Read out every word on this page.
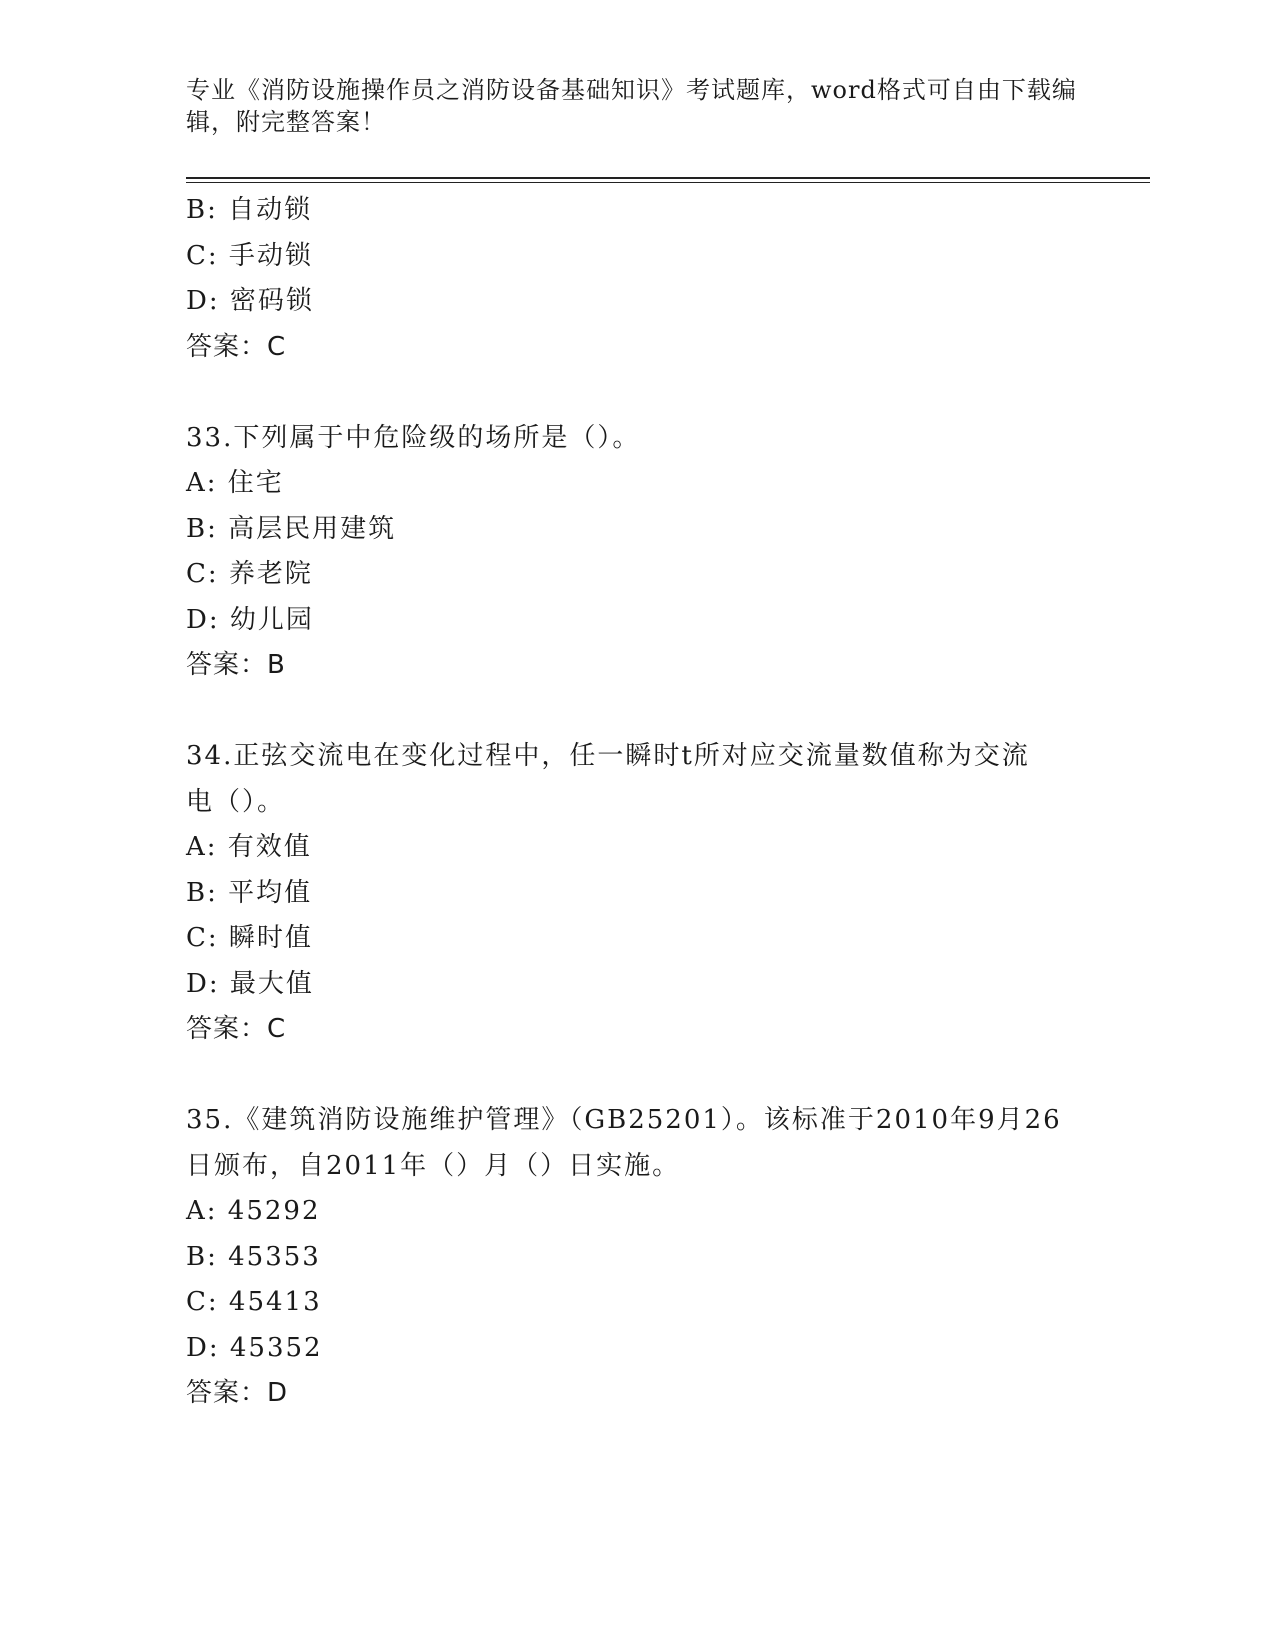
专业《消防设施操作员之消防设备基础知识》考试题库，word格式可自由下载编
辑，附完整答案！
B: 自动锁
C: 手动锁
D: 密码锁
答案：C
33.下列属于中危险级的场所是（）。
A: 住宅
B: 高层民用建筑
C: 养老院
D: 幼儿园
答案：B
34.正弦交流电在变化过程中，任一瞬时t所对应交流量数值称为交流
电（）。
A: 有效值
B: 平均值
C: 瞬时值
D: 最大值
答案：C
35.《建筑消防设施维护管理》（GB25201）。该标准于2010年9月26
日颁布，自2011年（）月（）日实施。
A: 45292
B: 45353
C: 45413
D: 45352
答案：D
